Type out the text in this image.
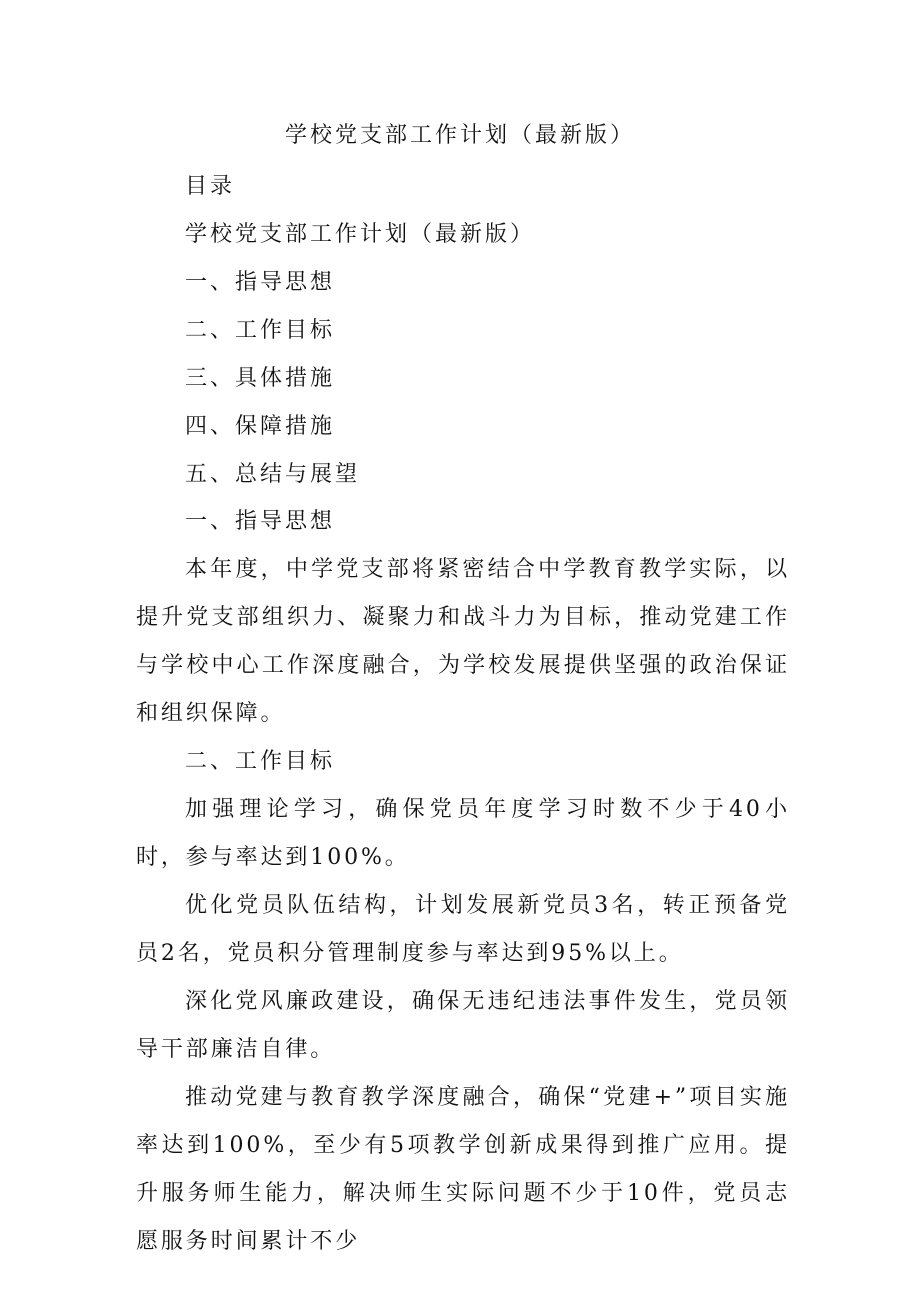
学校党支部工作计划（最新版）
目录
学校党支部工作计划（最新版）
一、指导思想
二、工作目标
三、具体措施
四、保障措施
五、总结与展望

一、指导思想

本年度，中学党支部将紧密结合中学教育教学实际，以提升党支部组织力、凝聚力和战斗力为目标，推动党建工作与学校中心工作深度融合，为学校发展提供坚强的政治保证和组织保障。

二、工作目标

加强理论学习，确保党员年度学习时数不少于40小时，参与率达到100%。

优化党员队伍结构，计划发展新党员3名，转正预备党员2名，党员积分管理制度参与率达到95%以上。

深化党风廉政建设，确保无违纪违法事件发生，党员领导干部廉洁自律。

推动党建与教育教学深度融合，确保“党建+”项目实施率达到100%，至少有5项教学创新成果得到推广应用。提升服务师生能力，解决师生实际问题不少于10件，党员志愿服务时间累计不少
